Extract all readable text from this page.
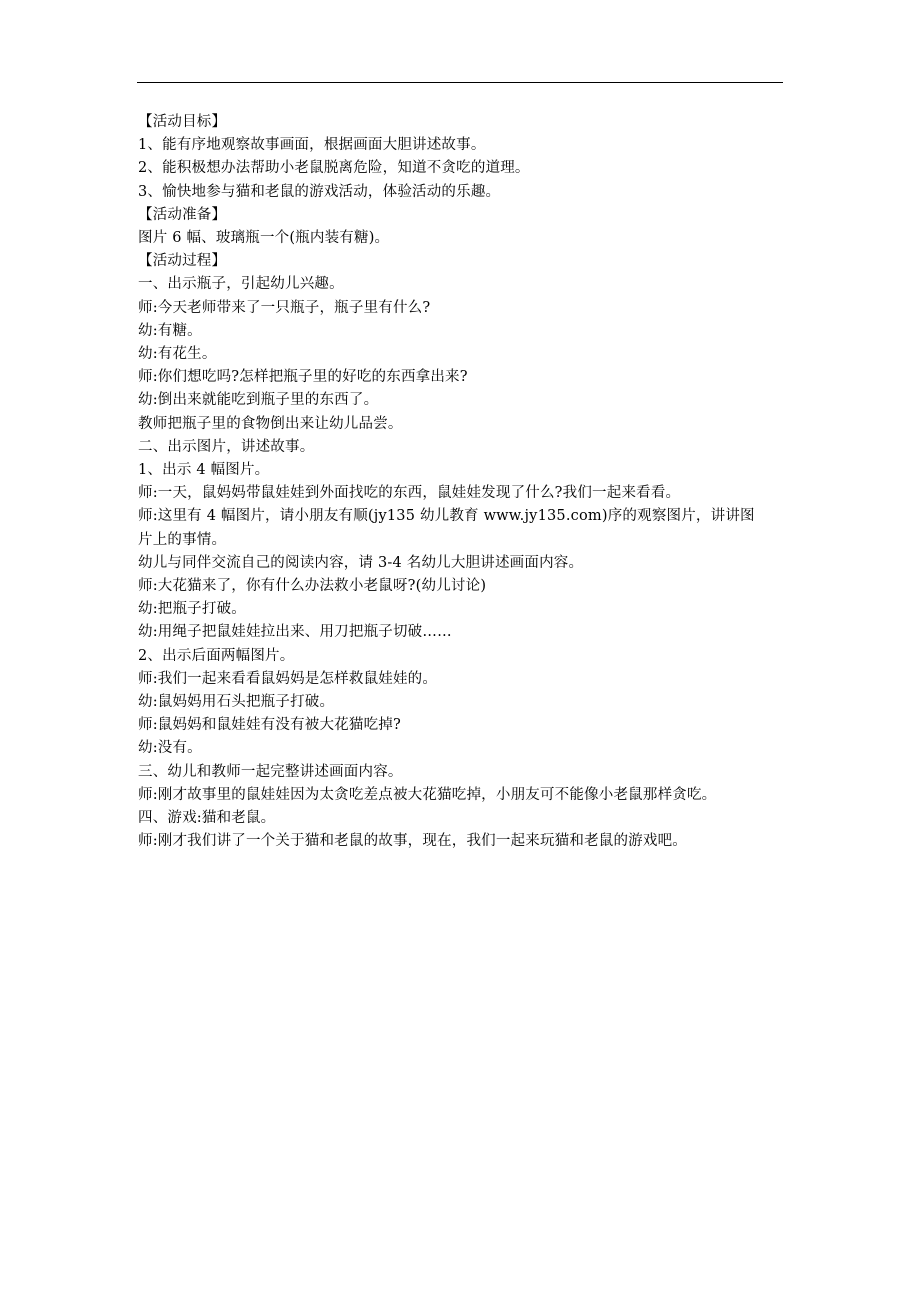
【活动目标】

1、能有序地观察故事画面，根据画面大胆讲述故事。

2、能积极想办法帮助小老鼠脱离危险，知道不贪吃的道理。

3、愉快地参与猫和老鼠的游戏活动，体验活动的乐趣。

【活动准备】

图片 6 幅、玻璃瓶一个(瓶内装有糖)。

【活动过程】

一、出示瓶子，引起幼儿兴趣。

师:今天老师带来了一只瓶子，瓶子里有什么?

幼:有糖。

幼:有花生。

师:你们想吃吗?怎样把瓶子里的好吃的东西拿出来?

幼:倒出来就能吃到瓶子里的东西了。

教师把瓶子里的食物倒出来让幼儿品尝。

二、出示图片，讲述故事。

1、出示 4 幅图片。

师:一天，鼠妈妈带鼠娃娃到外面找吃的东西，鼠娃娃发现了什么?我们一起来看看。

师:这里有 4 幅图片，请小朋友有顺(jy135 幼儿教育 www.jy135.com)序的观察图片，讲讲图

片上的事情。

幼儿与同伴交流自己的阅读内容，请 3-4 名幼儿大胆讲述画面内容。

师:大花猫来了，你有什么办法救小老鼠呀?(幼儿讨论)

幼:把瓶子打破。

幼:用绳子把鼠娃娃拉出来、用刀把瓶子切破……

2、出示后面两幅图片。

师:我们一起来看看鼠妈妈是怎样救鼠娃娃的。

幼:鼠妈妈用石头把瓶子打破。

师:鼠妈妈和鼠娃娃有没有被大花猫吃掉?

幼:没有。

三、幼儿和教师一起完整讲述画面内容。

师:刚才故事里的鼠娃娃因为太贪吃差点被大花猫吃掉，小朋友可不能像小老鼠那样贪吃。

四、游戏:猫和老鼠。

师:刚才我们讲了一个关于猫和老鼠的故事，现在，我们一起来玩猫和老鼠的游戏吧。
